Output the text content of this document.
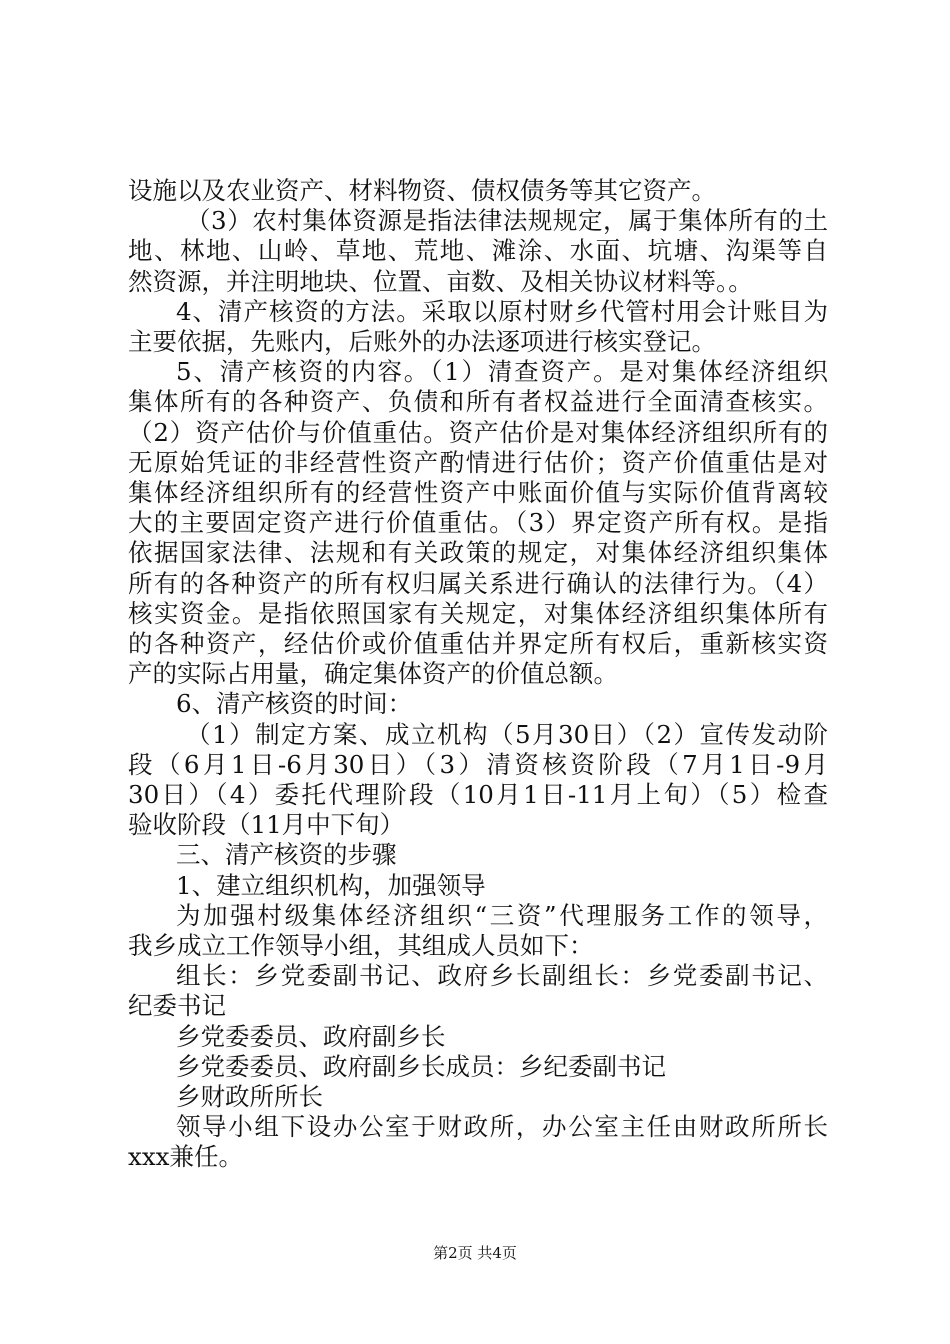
设施以及农业资产、材料物资、债权债务等其它资产。
（3）农村集体资源是指法律法规规定，属于集体所有的土
地、林地、山岭、草地、荒地、滩涂、水面、坑塘、沟渠等自
然资源，并注明地块、位置、亩数、及相关协议材料等。。
4、清产核资的方法。采取以原村财乡代管村用会计账目为
主要依据，先账内，后账外的办法逐项进行核实登记。
5、清产核资的内容。（1）清查资产。是对集体经济组织
集体所有的各种资产、负债和所有者权益进行全面清查核实。
（2）资产估价与价值重估。资产估价是对集体经济组织所有的
无原始凭证的非经营性资产酌情进行估价；资产价值重估是对
集体经济组织所有的经营性资产中账面价值与实际价值背离较
大的主要固定资产进行价值重估。（3）界定资产所有权。是指
依据国家法律、法规和有关政策的规定，对集体经济组织集体
所有的各种资产的所有权归属关系进行确认的法律行为。（4）
核实资金。是指依照国家有关规定，对集体经济组织集体所有
的各种资产，经估价或价值重估并界定所有权后，重新核实资
产的实际占用量，确定集体资产的价值总额。
6、清产核资的时间：
（1）制定方案、成立机构（5月30日）（2）宣传发动阶
段（6月1日-6月30日）（3）清资核资阶段（7月1日-9月
30日）（4）委托代理阶段（10月1日-11月上旬）（5）检查
验收阶段（11月中下旬）
三、清产核资的步骤
1、建立组织机构，加强领导
为加强村级集体经济组织“三资”代理服务工作的领导，
我乡成立工作领导小组，其组成人员如下：
组长：乡党委副书记、政府乡长副组长：乡党委副书记、
纪委书记
乡党委委员、政府副乡长
乡党委委员、政府副乡长成员：乡纪委副书记
乡财政所所长
领导小组下设办公室于财政所，办公室主任由财政所所长
xxx兼任。
第2页 共4页
